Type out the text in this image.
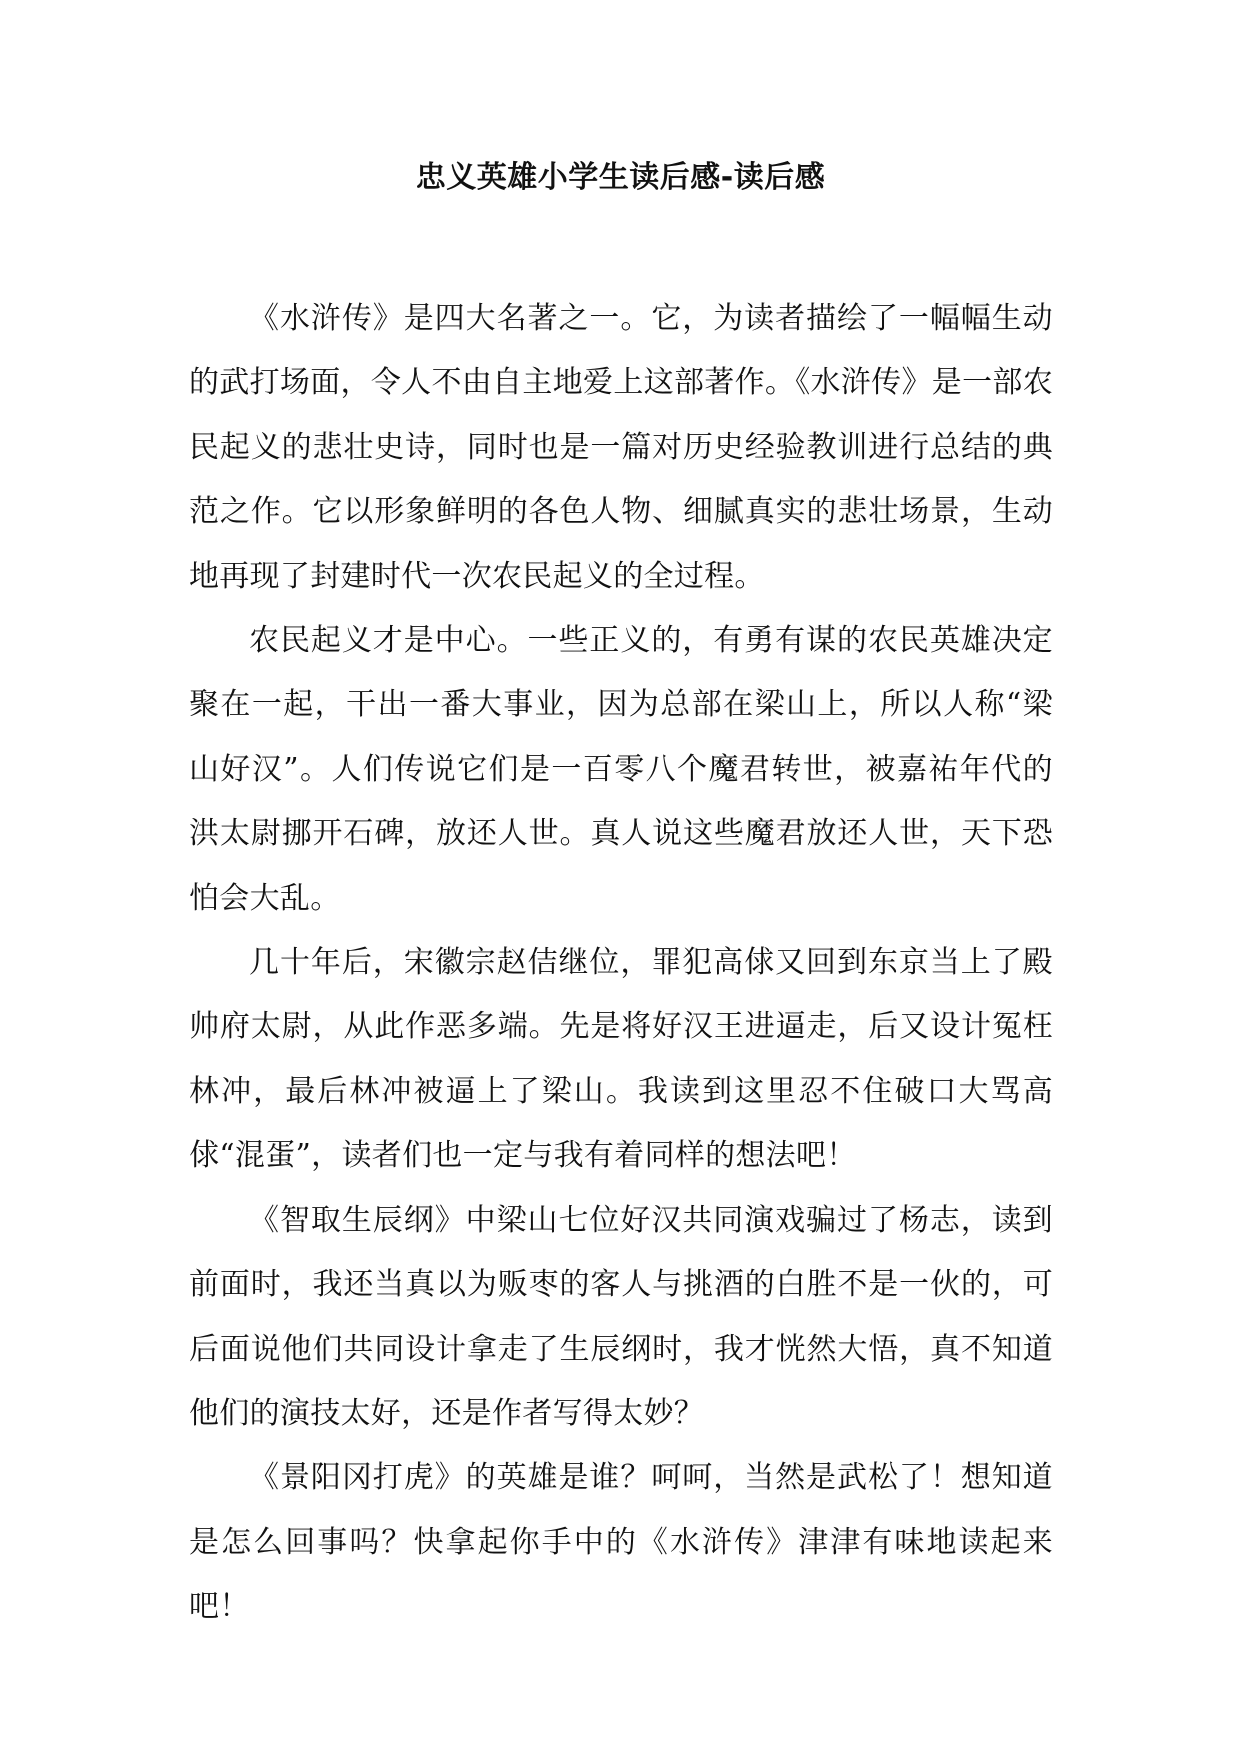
忠义英雄小学生读后感-读后感

《水浒传》是四大名著之一。它，为读者描绘了一幅幅生动的武打场面，令人不由自主地爱上这部著作。《水浒传》是一部农民起义的悲壮史诗，同时也是一篇对历史经验教训进行总结的典范之作。它以形象鲜明的各色人物、细腻真实的悲壮场景，生动地再现了封建时代一次农民起义的全过程。

农民起义才是中心。一些正义的，有勇有谋的农民英雄决定聚在一起，干出一番大事业，因为总部在梁山上，所以人称“梁山好汉”。人们传说它们是一百零八个魔君转世，被嘉祐年代的洪太尉挪开石碑，放还人世。真人说这些魔君放还人世，天下恐怕会大乱。

几十年后，宋徽宗赵佶继位，罪犯高俅又回到东京当上了殿帅府太尉，从此作恶多端。先是将好汉王进逼走，后又设计冤枉林冲，最后林冲被逼上了梁山。我读到这里忍不住破口大骂高俅“混蛋”，读者们也一定与我有着同样的想法吧！

《智取生辰纲》中梁山七位好汉共同演戏骗过了杨志，读到前面时，我还当真以为贩枣的客人与挑酒的白胜不是一伙的，可后面说他们共同设计拿走了生辰纲时，我才恍然大悟，真不知道他们的演技太好，还是作者写得太妙？

《景阳冈打虎》的英雄是谁？呵呵，当然是武松了！想知道是怎么回事吗？快拿起你手中的《水浒传》津津有味地读起来吧！
